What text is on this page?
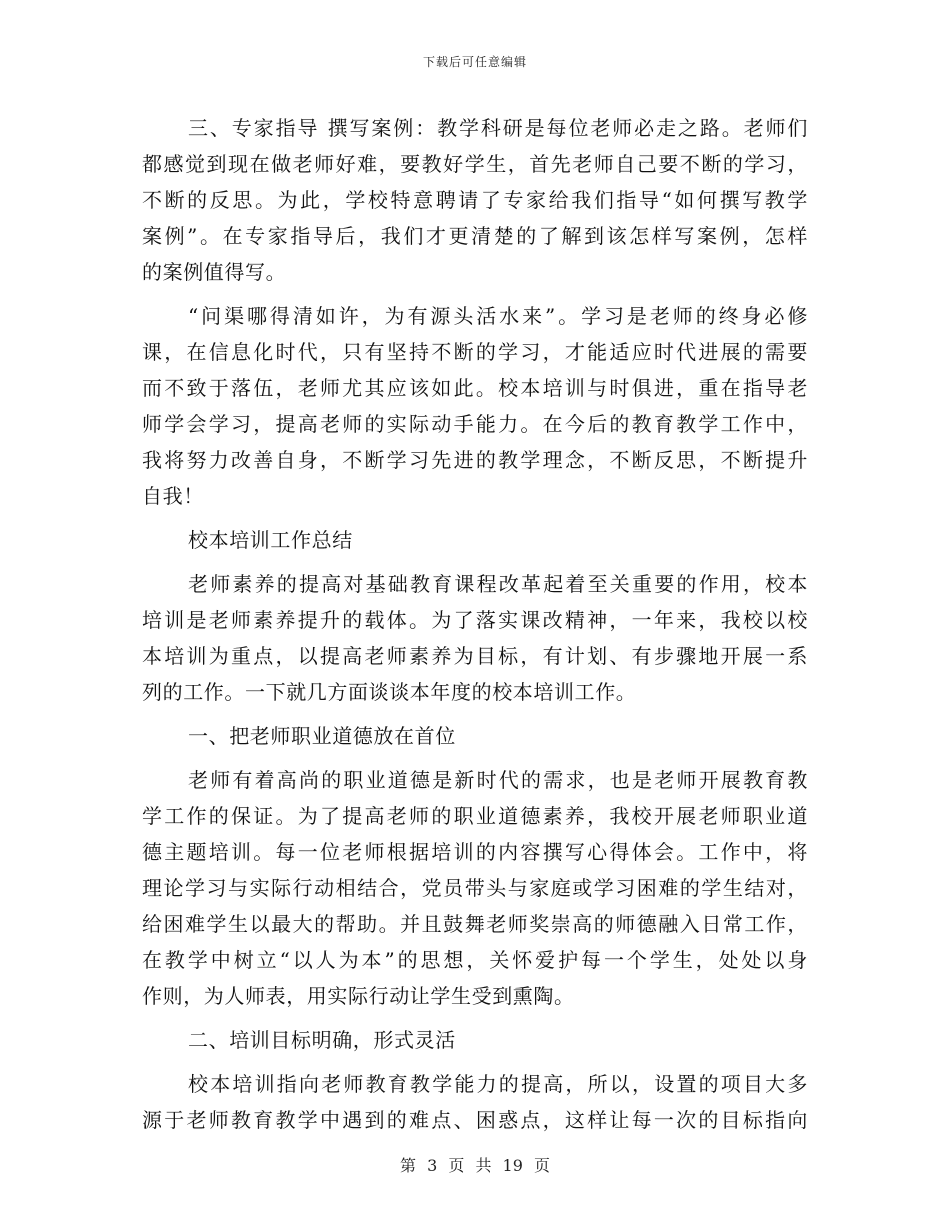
下载后可任意编辑
三、专家指导 撰写案例：教学科研是每位老师必走之路。老师们
都感觉到现在做老师好难，要教好学生，首先老师自己要不断的学习，
不断的反思。为此，学校特意聘请了专家给我们指导“如何撰写教学
案例”。在专家指导后，我们才更清楚的了解到该怎样写案例，怎样
的案例值得写。
“问渠哪得清如许，为有源头活水来”。学习是老师的终身必修
课，在信息化时代，只有坚持不断的学习，才能适应时代进展的需要
而不致于落伍，老师尤其应该如此。校本培训与时俱进，重在指导老
师学会学习，提高老师的实际动手能力。在今后的教育教学工作中，
我将努力改善自身，不断学习先进的教学理念，不断反思，不断提升
自我！
校本培训工作总结
老师素养的提高对基础教育课程改革起着至关重要的作用，校本
培训是老师素养提升的载体。为了落实课改精神，一年来，我校以校
本培训为重点，以提高老师素养为目标，有计划、有步骤地开展一系
列的工作。一下就几方面谈谈本年度的校本培训工作。
一、把老师职业道德放在首位
老师有着高尚的职业道德是新时代的需求，也是老师开展教育教
学工作的保证。为了提高老师的职业道德素养，我校开展老师职业道
德主题培训。每一位老师根据培训的内容撰写心得体会。工作中，将
理论学习与实际行动相结合，党员带头与家庭或学习困难的学生结对，
给困难学生以最大的帮助。并且鼓舞老师奖崇高的师德融入日常工作，
在教学中树立“以人为本”的思想，关怀爱护每一个学生，处处以身
作则，为人师表，用实际行动让学生受到熏陶。
二、培训目标明确，形式灵活
校本培训指向老师教育教学能力的提高，所以，设置的项目大多
源于老师教育教学中遇到的难点、困惑点，这样让每一次的目标指向
第 3 页 共 19 页
